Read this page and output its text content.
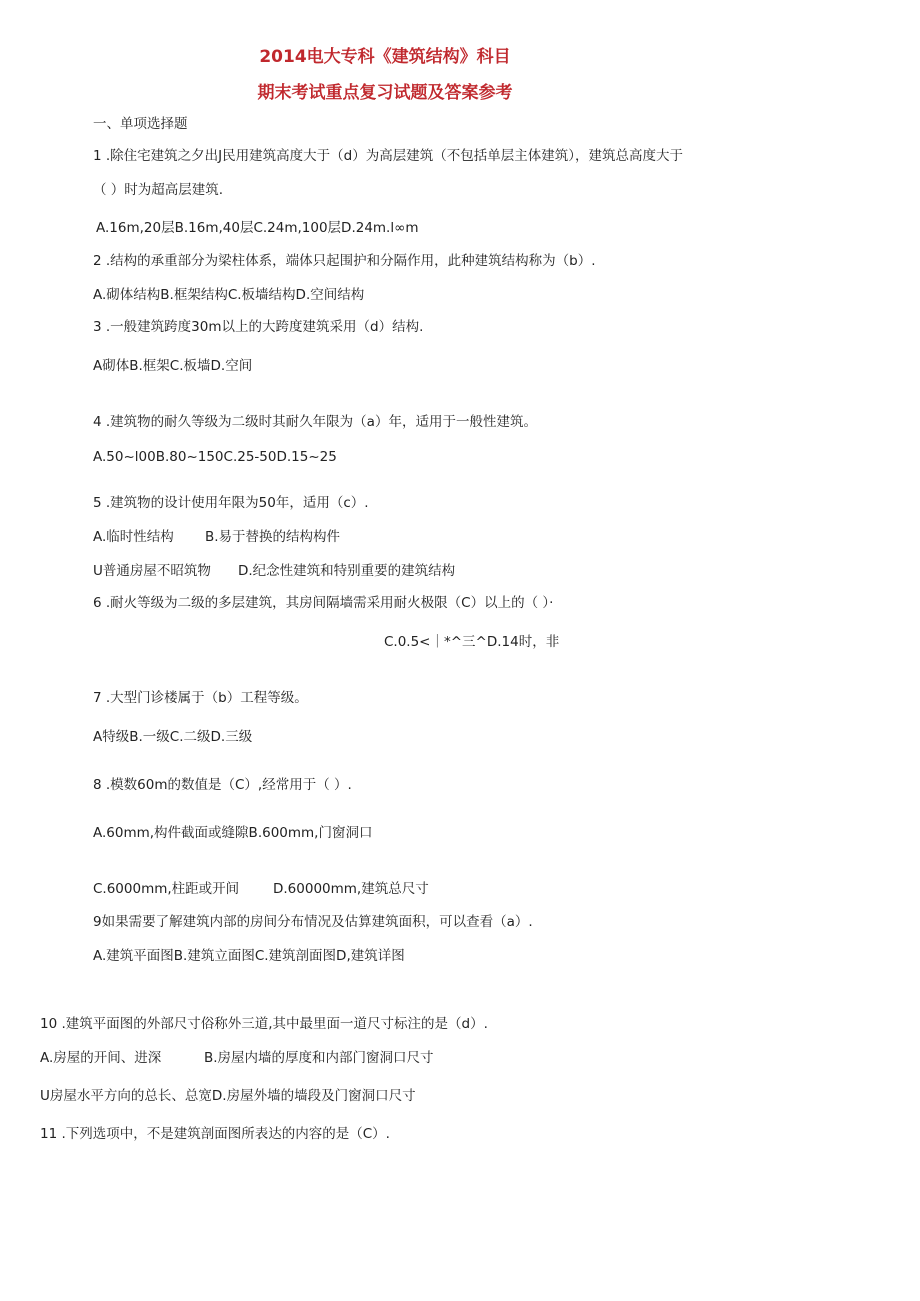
2014电大专科《建筑结构》科目
期末考试重点复习试题及答案参考
一、单项选择题
1 .除住宅建筑之夕出J民用建筑高度大于（d）为高层建筑（不包括单层主体建筑），建筑总高度大于
（ ）时为超高层建筑.
A.16m,20层B.16m,40层C.24m,100层D.24m.l∞m
2 .结构的承重部分为梁柱体系，端体只起围护和分隔作用，此种建筑结构称为（b）.
A.砌体结构B.框架结构C.板墙结构D.空间结构
3 .一般建筑跨度30m以上的大跨度建筑采用（d）结构.
A砌体B.框架C.板墙D.空间
4 .建筑物的耐久等级为二级时其耐久年限为（a）年，适用于一般性建筑。
A.50~l00B.80~150C.25-50D.15~25
5 .建筑物的设计使用年限为50年，适用（c）.
A.临时性结构 B.易于替换的结构构件
U普通房屋不昭筑物 D.纪念性建筑和特别重要的建筑结构
6 .耐火等级为二级的多层建筑，其房间隔墙需采用耐火极限（C）以上的（ ）·
C.0.5<｜*^三^D.14时，非
7 .大型门诊楼属于（b）工程等级。
A特级B.一级C.二级D.三级
8 .模数60m的数值是（C）,经常用于（ ）.
A.60mm,构件截面或缝隙B.600mm,门窗洞口
C.6000mm,柱距或开间	D.60000mm,建筑总尺寸
9如果需要了解建筑内部的房间分布情况及估算建筑面积，可以查看（a）.
A.建筑平面图B.建筑立面图C.建筑剖面图D,建筑详图
10 .建筑平面图的外部尺寸俗称外三道,其中最里面一道尺寸标注的是（d）.
A.房屋的开间、进深	B.房屋内墙的厚度和内部门窗洞口尺寸
U房屋水平方向的总长、总宽D.房屋外墙的墙段及门窗洞口尺寸
11 .下列选项中，不是建筑剖面图所表达的内容的是（C）.
